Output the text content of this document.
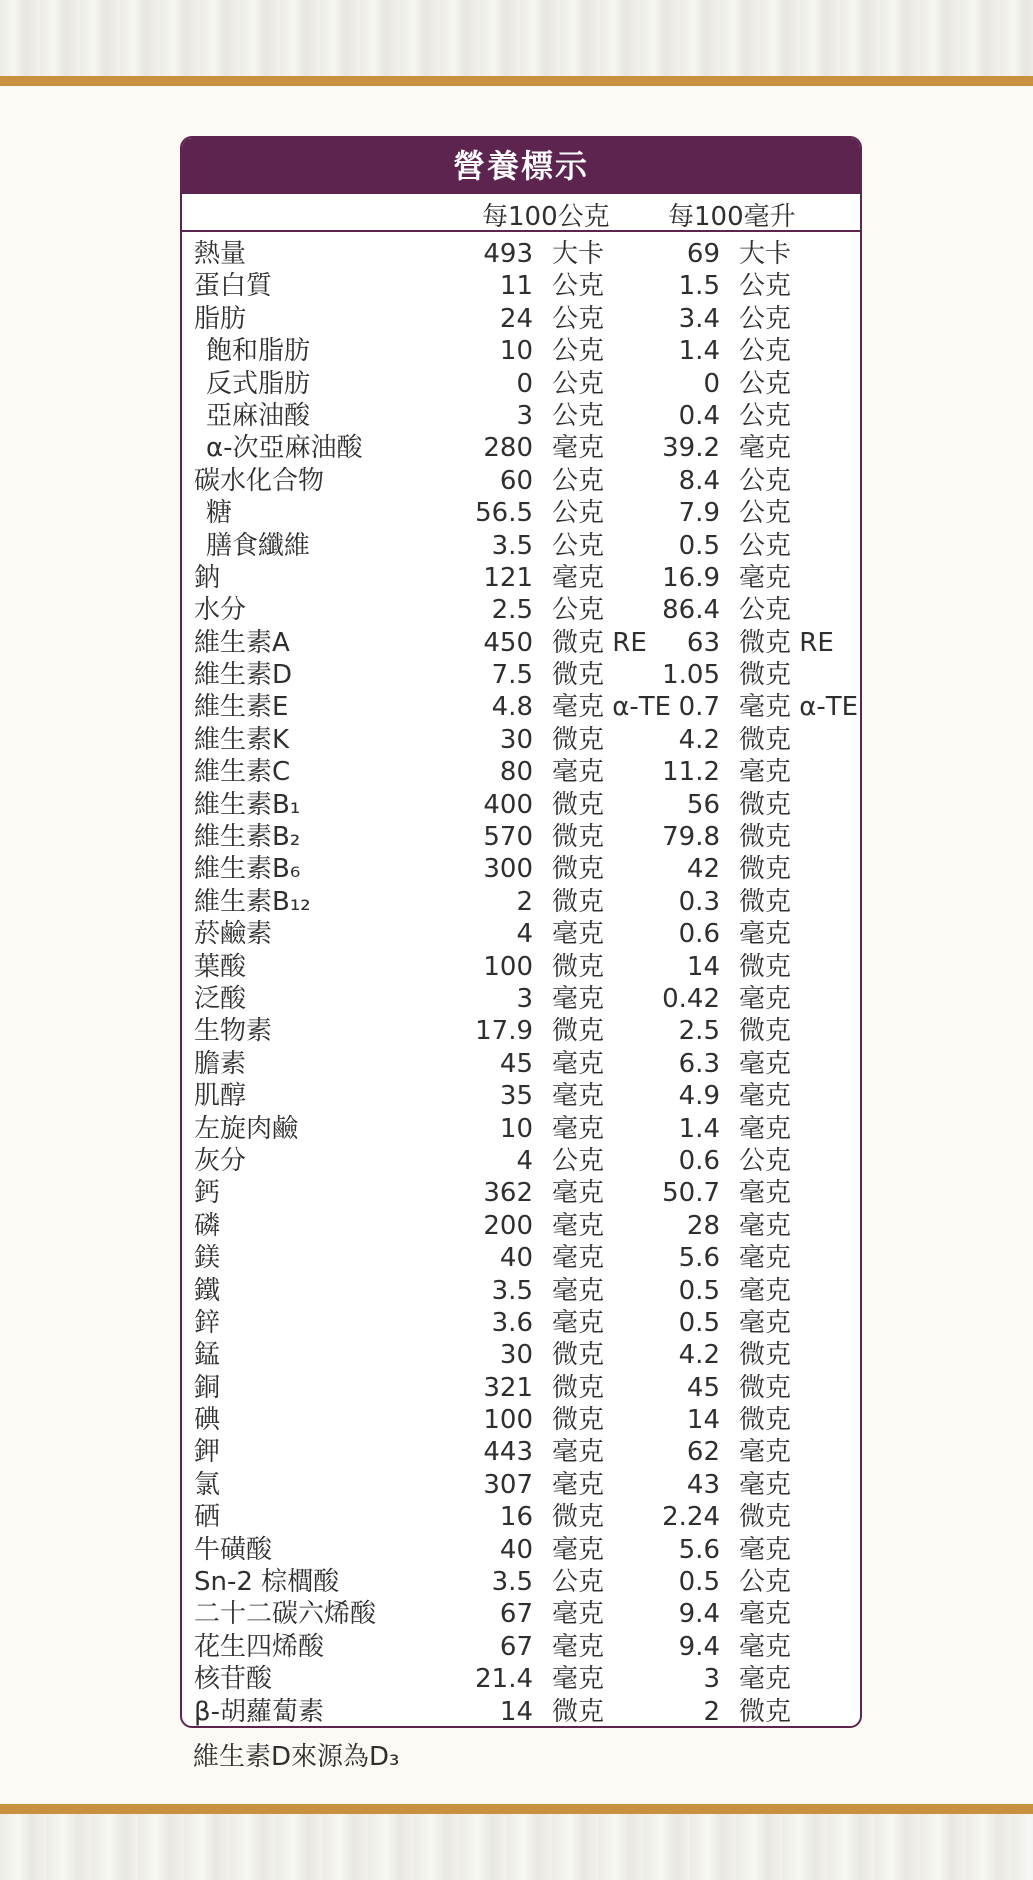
營養標示
每100公克 每100毫升
熱量	493 大卡	69 大卡
蛋白質	11 公克	1.5 公克
脂肪	24 公克	3.4 公克
飽和脂肪	10 公克	1.4 公克
反式脂肪	0 公克	0 公克
亞麻油酸	3 公克	0.4 公克
α-次亞麻油酸	280 毫克 39.2 毫克
碳水化合物	60 公克	8.4 公克
糖	56.5 公克	7.9 公克
膳食纖維	3.5 公克	0.5 公克
鈉	121 毫克 16.9 毫克
水分	2.5 公克 86.4 公克
維生素A	450 微克 RE 63 微克 RE
維生素D	7.5 微克 1.05 微克
維生素E	4.8 毫克 α-TE 0.7 毫克 α-TE
維生素K	30 微克	4.2 微克
維生素C	80 毫克 11.2 毫克
維生素B₁	400 微克	56 微克
維生素B₂	570 微克 79.8 微克
維生素B₆	300 微克	42 微克
維生素B₁₂	2 微克	0.3 微克
菸鹼素	4 毫克	0.6 毫克
葉酸	100 微克	14 微克
泛酸	3 毫克 0.42 毫克
生物素	17.9 微克	2.5 微克
膽素	45 毫克	6.3 毫克
肌醇	35 毫克	4.9 毫克
左旋肉鹼	10 毫克	1.4 毫克
灰分	4 公克	0.6 公克
鈣	362 毫克 50.7 毫克
磷	200 毫克	28 毫克
鎂	40 毫克	5.6 毫克
鐵	3.5 毫克	0.5 毫克
鋅	3.6 毫克	0.5 毫克
錳	30 微克	4.2 微克
銅	321 微克	45 微克
碘	100 微克	14 微克
鉀	443 毫克	62 毫克
氯	307 毫克	43 毫克
硒	16 微克 2.24 微克
牛磺酸	40 毫克	5.6 毫克
Sn-2 棕櫚酸	3.5 公克	0.5 公克
二十二碳六烯酸	67 毫克	9.4 毫克
花生四烯酸	67 毫克	9.4 毫克
核苷酸	21.4 毫克	3 毫克
β-胡蘿蔔素	14 微克	2 微克
維生素D來源為D₃
